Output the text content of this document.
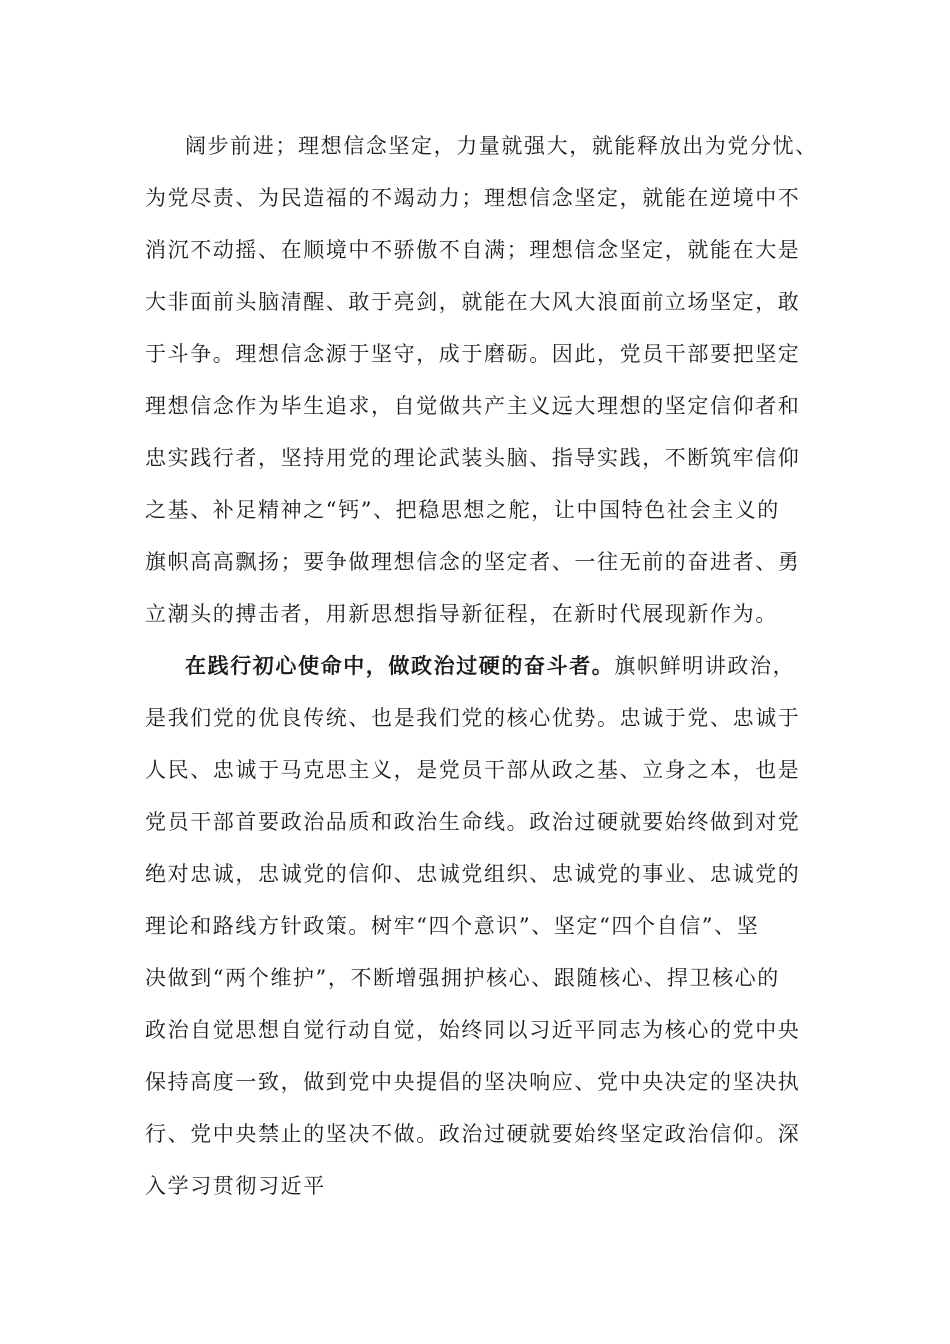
阔步前进；理想信念坚定，力量就强大，就能释放出为党分忧、
为党尽责、为民造福的不竭动力；理想信念坚定，就能在逆境中不
消沉不动摇、在顺境中不骄傲不自满；理想信念坚定，就能在大是
大非面前头脑清醒、敢于亮剑，就能在大风大浪面前立场坚定，敢
于斗争。理想信念源于坚守，成于磨砺。因此，党员干部要把坚定
理想信念作为毕生追求，自觉做共产主义远大理想的坚定信仰者和
忠实践行者，坚持用党的理论武装头脑、指导实践，不断筑牢信仰
之基、补足精神之“钙”、把稳思想之舵，让中国特色社会主义的
旗帜高高飘扬；要争做理想信念的坚定者、一往无前的奋进者、勇
立潮头的搏击者，用新思想指导新征程，在新时代展现新作为。
在践行初心使命中，做政治过硬的奋斗者。旗帜鲜明讲政治，
是我们党的优良传统、也是我们党的核心优势。忠诚于党、忠诚于
人民、忠诚于马克思主义，是党员干部从政之基、立身之本，也是
党员干部首要政治品质和政治生命线。政治过硬就要始终做到对党
绝对忠诚，忠诚党的信仰、忠诚党组织、忠诚党的事业、忠诚党的
理论和路线方针政策。树牢“四个意识”、坚定“四个自信”、坚
决做到“两个维护”，不断增强拥护核心、跟随核心、捍卫核心的
政治自觉思想自觉行动自觉，始终同以习近平同志为核心的党中央
保持高度一致，做到党中央提倡的坚决响应、党中央决定的坚决执
行、党中央禁止的坚决不做。政治过硬就要始终坚定政治信仰。深
入学习贯彻习近平
